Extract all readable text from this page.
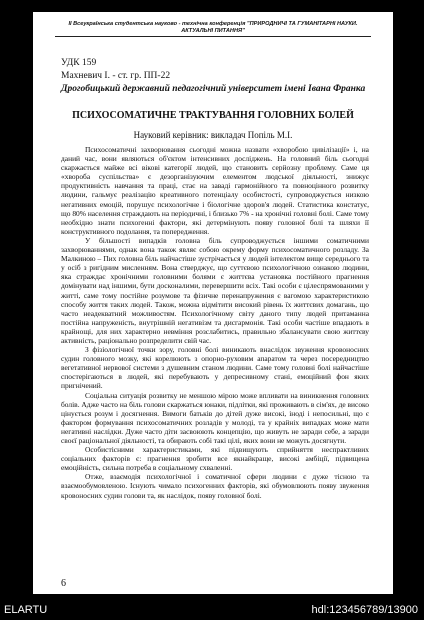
ІІ Всеукраїнська студентська науково - технічна конференція "ПРИРОДНИЧІ ТА ГУМАНІТАРНІ НАУКИ.
АКТУАЛЬНІ ПИТАННЯ"
УДК 159
Махневич І. - ст. гр. ПП-22
Дрогобицький державний педагогічний університет імені Івана Франка
ПСИХОСОМАТИЧНЕ ТРАКТУВАННЯ ГОЛОВНИХ БОЛЕЙ
Науковий керівник: викладач Попіль М.І.

Психосоматичні захворювання сьогодні можна назвати «хворобою цивілізації» і, на даний час, вони являються об'єктом інтенсивних досліджень. На головний біль сьогодні скаржається майже всі вікові категорії людей, що становить серйозну проблему. Саме ця «хвороба суспільства» є дезорганізуючим елементом людської діяльності, знижує продуктивність навчання та праці, стає на заваді гармонійного та повноцінного розвитку людини, гальмує реалізацію креативного потенціалу особистості, супроводжується низкою негативних емоцій, порушує психологічне і біологічне здоров'я людей. Статистика констатує, що 80% населення страждають на періодичні, і близько 7% - на хронічні головні болі. Саме тому необхідно знати психогенні фактори, які детермінують появу головної болі та шляхи її конструктивного подолання, та попередження.

У більшості випадків головна біль супроводжується іншими соматичними захворюваннями, однак вона також являє собою окрему форму психосоматичного розладу. За Малкиною – Пих головна біль найчастіше зустрічається у людей інтелектом вище середнього та у осіб з ригідним мисленням. Вона стверджує, що суттєвою психологічною ознакою людини, яка страждає хронічними головними болями є життєва установка постійного прагнення домінувати над іншими, бути досконалими, перевершити всіх. Такі особи є цілеспрямованими у житті, саме тому постійне розумове та фізичне перенапруження є вагомою характеристикою способу життя таких людей. Також, можна відмітити високий рівень їх життєвих домагань, що часто неадекватний можливостям. Психологічному світу даного типу людей притаманна постійна напруженість, внутрішній негативізм та дисгармонія. Такі особи частіше впадають в крайнощі, для них характерно невміння розслабитись, правильно збалансувати свою життєву активність, раціонально розпределити свій час.

З фізіологічної точки зору, головні болі виникають внаслідок звуження кровоносних судин головного мозку, які корелюють з опорно-руховим апаратом та через посередництво вегетативної нервової системи з душевним станом людини. Саме тому головні болі найчастіше спостерігаються в людей, які перебувають у депресивному стані, емоційний фон яких пригнічений.

Соціальна ситуація розвитку не меншою мірою може впливати на виникнення головних болів. Адже часто на біль голови скаржаться юнаки, підлітки, які проживають в сім'ях, де високо цінується розум і досягнення. Вимоги батьків до дітей дуже високі, іноді і непосильні, що є фактором формування психосоматичних розладів у молоді, та у крайніх випадках може мати негативні наслідки. Дуже часто діти засвоюють концепцію, що живуть не заради себе, а заради своєї раціональної діяльності, та обирають собі такі цілі, яких вони не можуть досягнути.

Особистісними характеристиками, які підвищують сприйняття неспрактливих соціальних факторів є: прагнення зробити все якнайкраще, високі амбіції, підвищена емоційність, сильна потреба в соціальному схваленні.

Отже, взаємодія психологічної і соматичної сфери людини є дуже тісною та взаємообумовленою. Існують чимало психогенних факторів, які обумовлюють появу звуження кровоносних судин голови та, як наслідок, появу головної болі.

6
ELARTU	hdl:123456789/13900
